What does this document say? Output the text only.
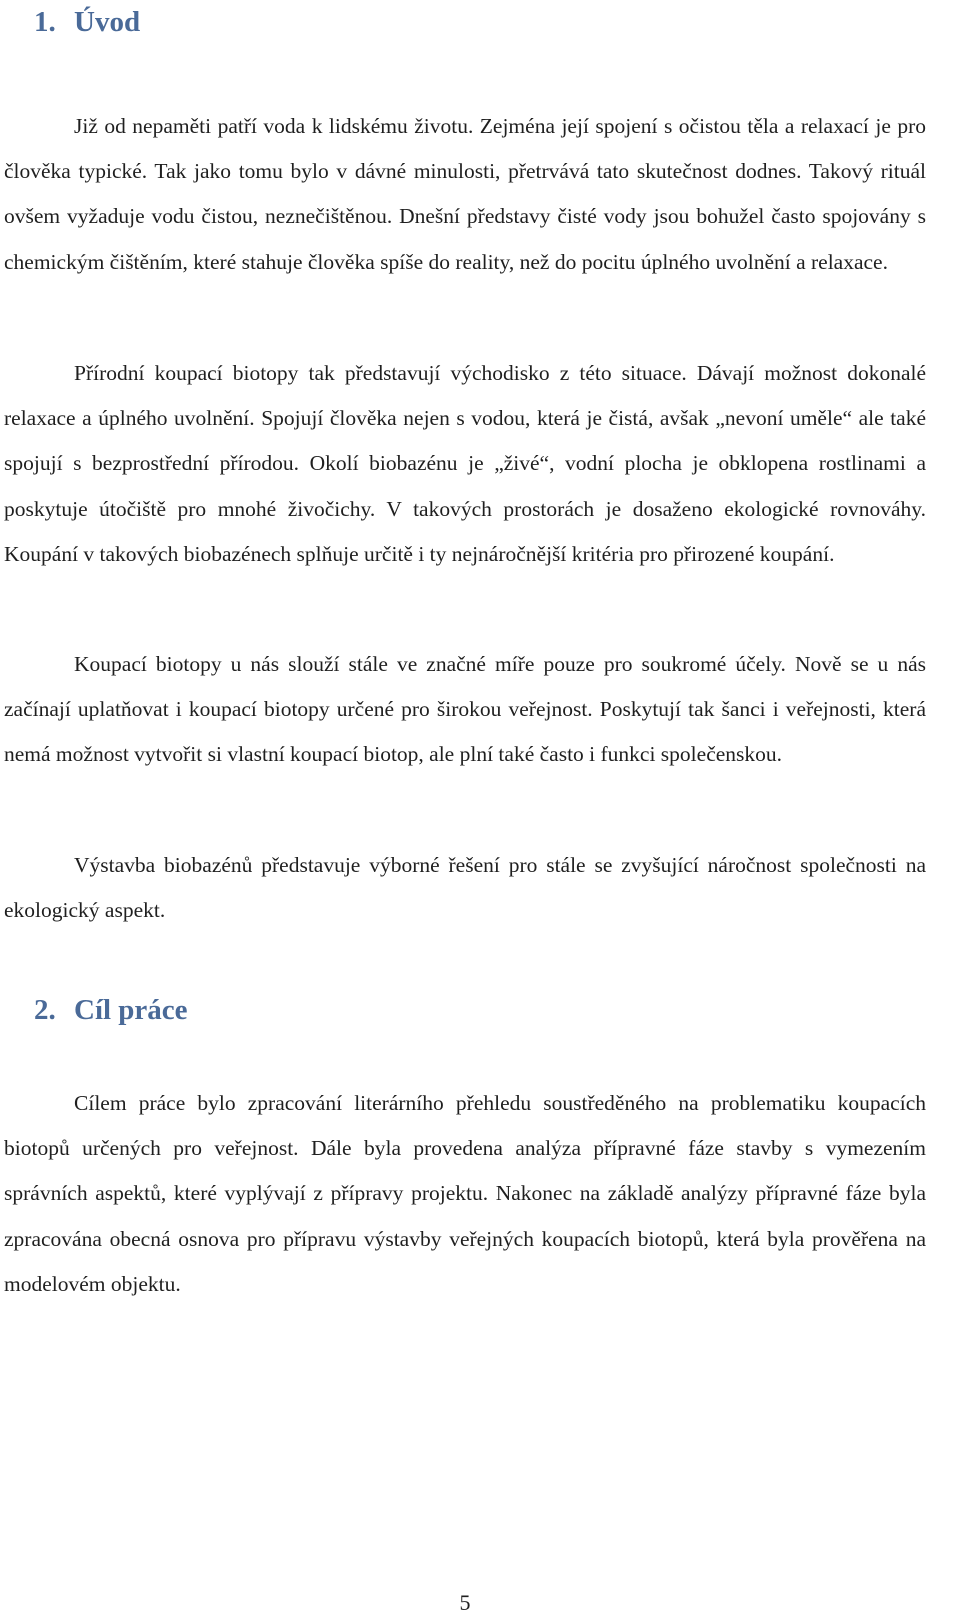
1. Úvod

Již od nepaměti patří voda k lidskému životu. Zejména její spojení s očistou těla a relaxací je pro člověka typické. Tak jako tomu bylo v dávné minulosti, přetrvává tato skutečnost dodnes. Takový rituál ovšem vyžaduje vodu čistou, neznečištěnou. Dnešní představy čisté vody jsou bohužel často spojovány s chemickým čištěním, které stahuje člověka spíše do reality, než do pocitu úplného uvolnění a relaxace.

Přírodní koupací biotopy tak představují východisko z této situace. Dávají možnost dokonalé relaxace a úplného uvolnění. Spojují člověka nejen s vodou, která je čistá, avšak „nevoní uměle“ ale také spojují s bezprostřední přírodou. Okolí biobazénu je „živé“, vodní plocha je obklopena rostlinami a poskytuje útočiště pro mnohé živočichy. V takových prostorách je dosaženo ekologické rovnováhy. Koupání v takových biobazénech splňuje určitě i ty nejnáročnější kritéria pro přirozené koupání.

Koupací biotopy u nás slouží stále ve značné míře pouze pro soukromé účely. Nově se u nás začínají uplatňovat i koupací biotopy určené pro širokou veřejnost. Poskytují tak šanci i veřejnosti, která nemá možnost vytvořit si vlastní koupací biotop, ale plní také často i funkci společenskou.

Výstavba biobazénů představuje výborné řešení pro stále se zvyšující náročnost společnosti na ekologický aspekt.

2. Cíl práce

Cílem práce bylo zpracování literárního přehledu soustředěného na problematiku koupacích biotopů určených pro veřejnost. Dále byla provedena analýza přípravné fáze stavby s vymezením správních aspektů, které vyplývají z přípravy projektu. Nakonec na základě analýzy přípravné fáze byla zpracována obecná osnova pro přípravu výstavby veřejných koupacích biotopů, která byla prověřena na modelovém objektu.

5
